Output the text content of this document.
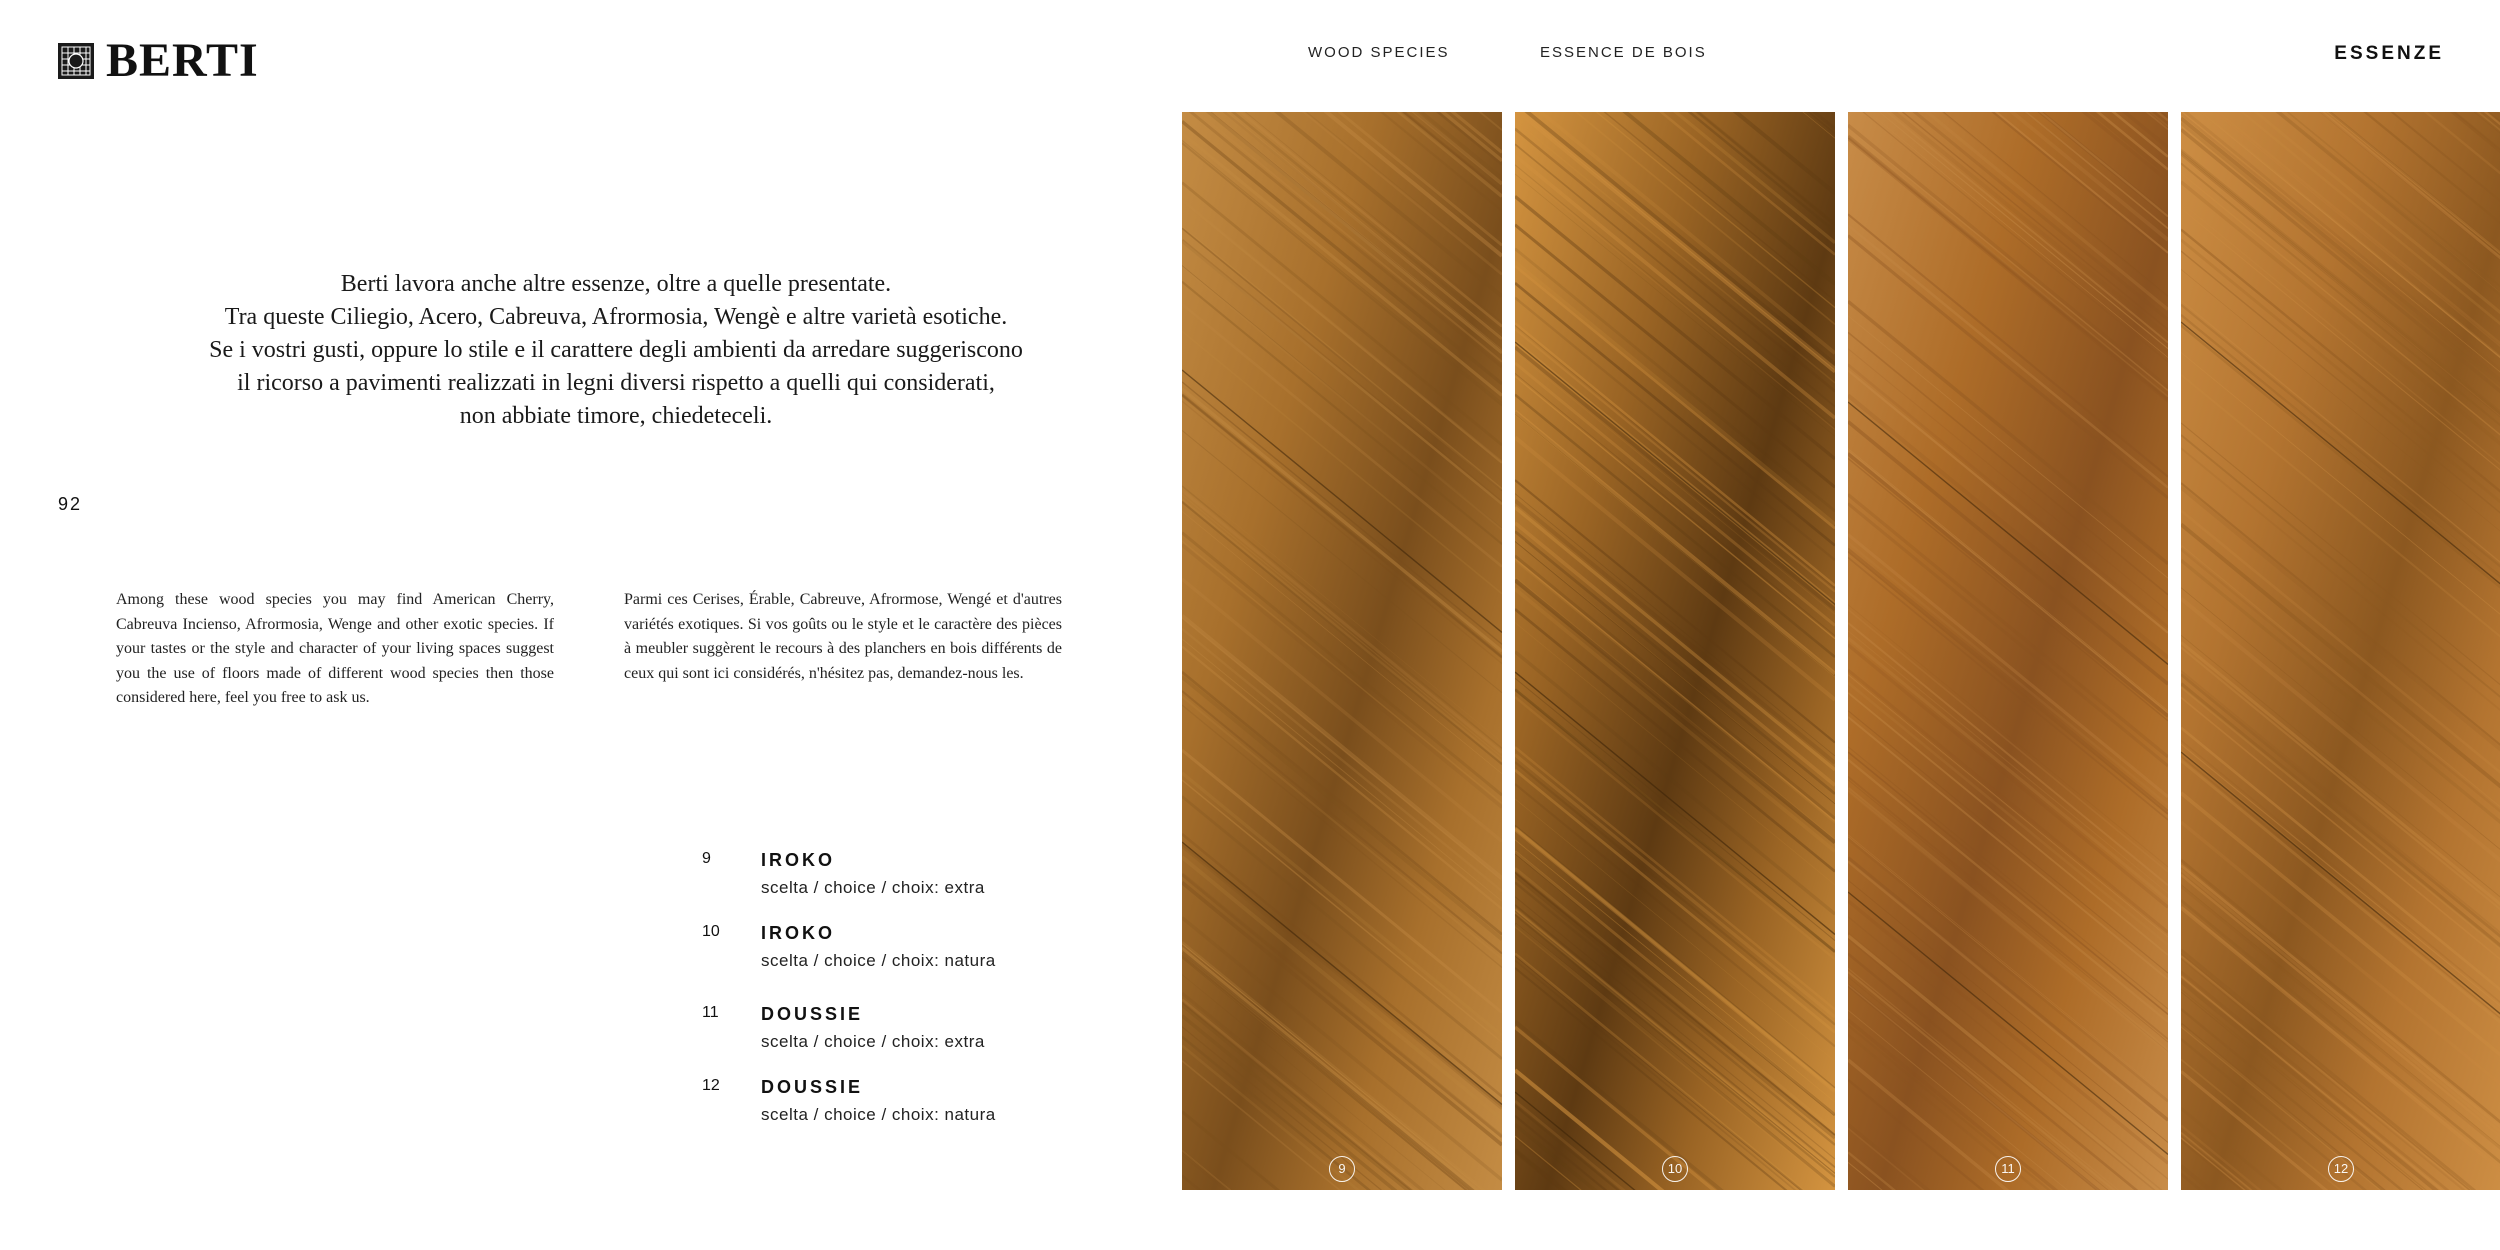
BERTI	WOOD SPECIES	ESSENCE DE BOIS	ESSENZE
Berti lavora anche altre essenze, oltre a quelle presentate.
Tra queste Ciliegio, Acero, Cabreuva, Afrormosia, Wengè e altre varietà esotiche.
Se i vostri gusti, oppure lo stile e il carattere degli ambienti da arredare suggeriscono
il ricorso a pavimenti realizzati in legni diversi rispetto a quelli qui considerati,
non abbiate timore, chiedeteceli.
92
Among these wood species you may find American Cherry, Cabreuva Incienso, Afrormosia, Wenge and other exotic species. If your tastes or the style and character of your living spaces suggest you the use of floors made of different wood species then those considered here, feel you free to ask us.
Parmi ces Cerises, Érable, Cabreuve, Afrormose, Wengé et d'autres variétés exotiques. Si vos goûts ou le style et le caractère des pièces à meubler suggèrent le recours à des planchers en bois différents de ceux qui sont ici considérés, n'hésitez pas, demandez-nous les.
9	IROKO
scelta / choice / choix: extra
10 IROKO
scelta / choice / choix: natura
11 DOUSSIE
scelta / choice / choix: extra
12 DOUSSIE
scelta / choice / choix: natura
9	10	11	12
